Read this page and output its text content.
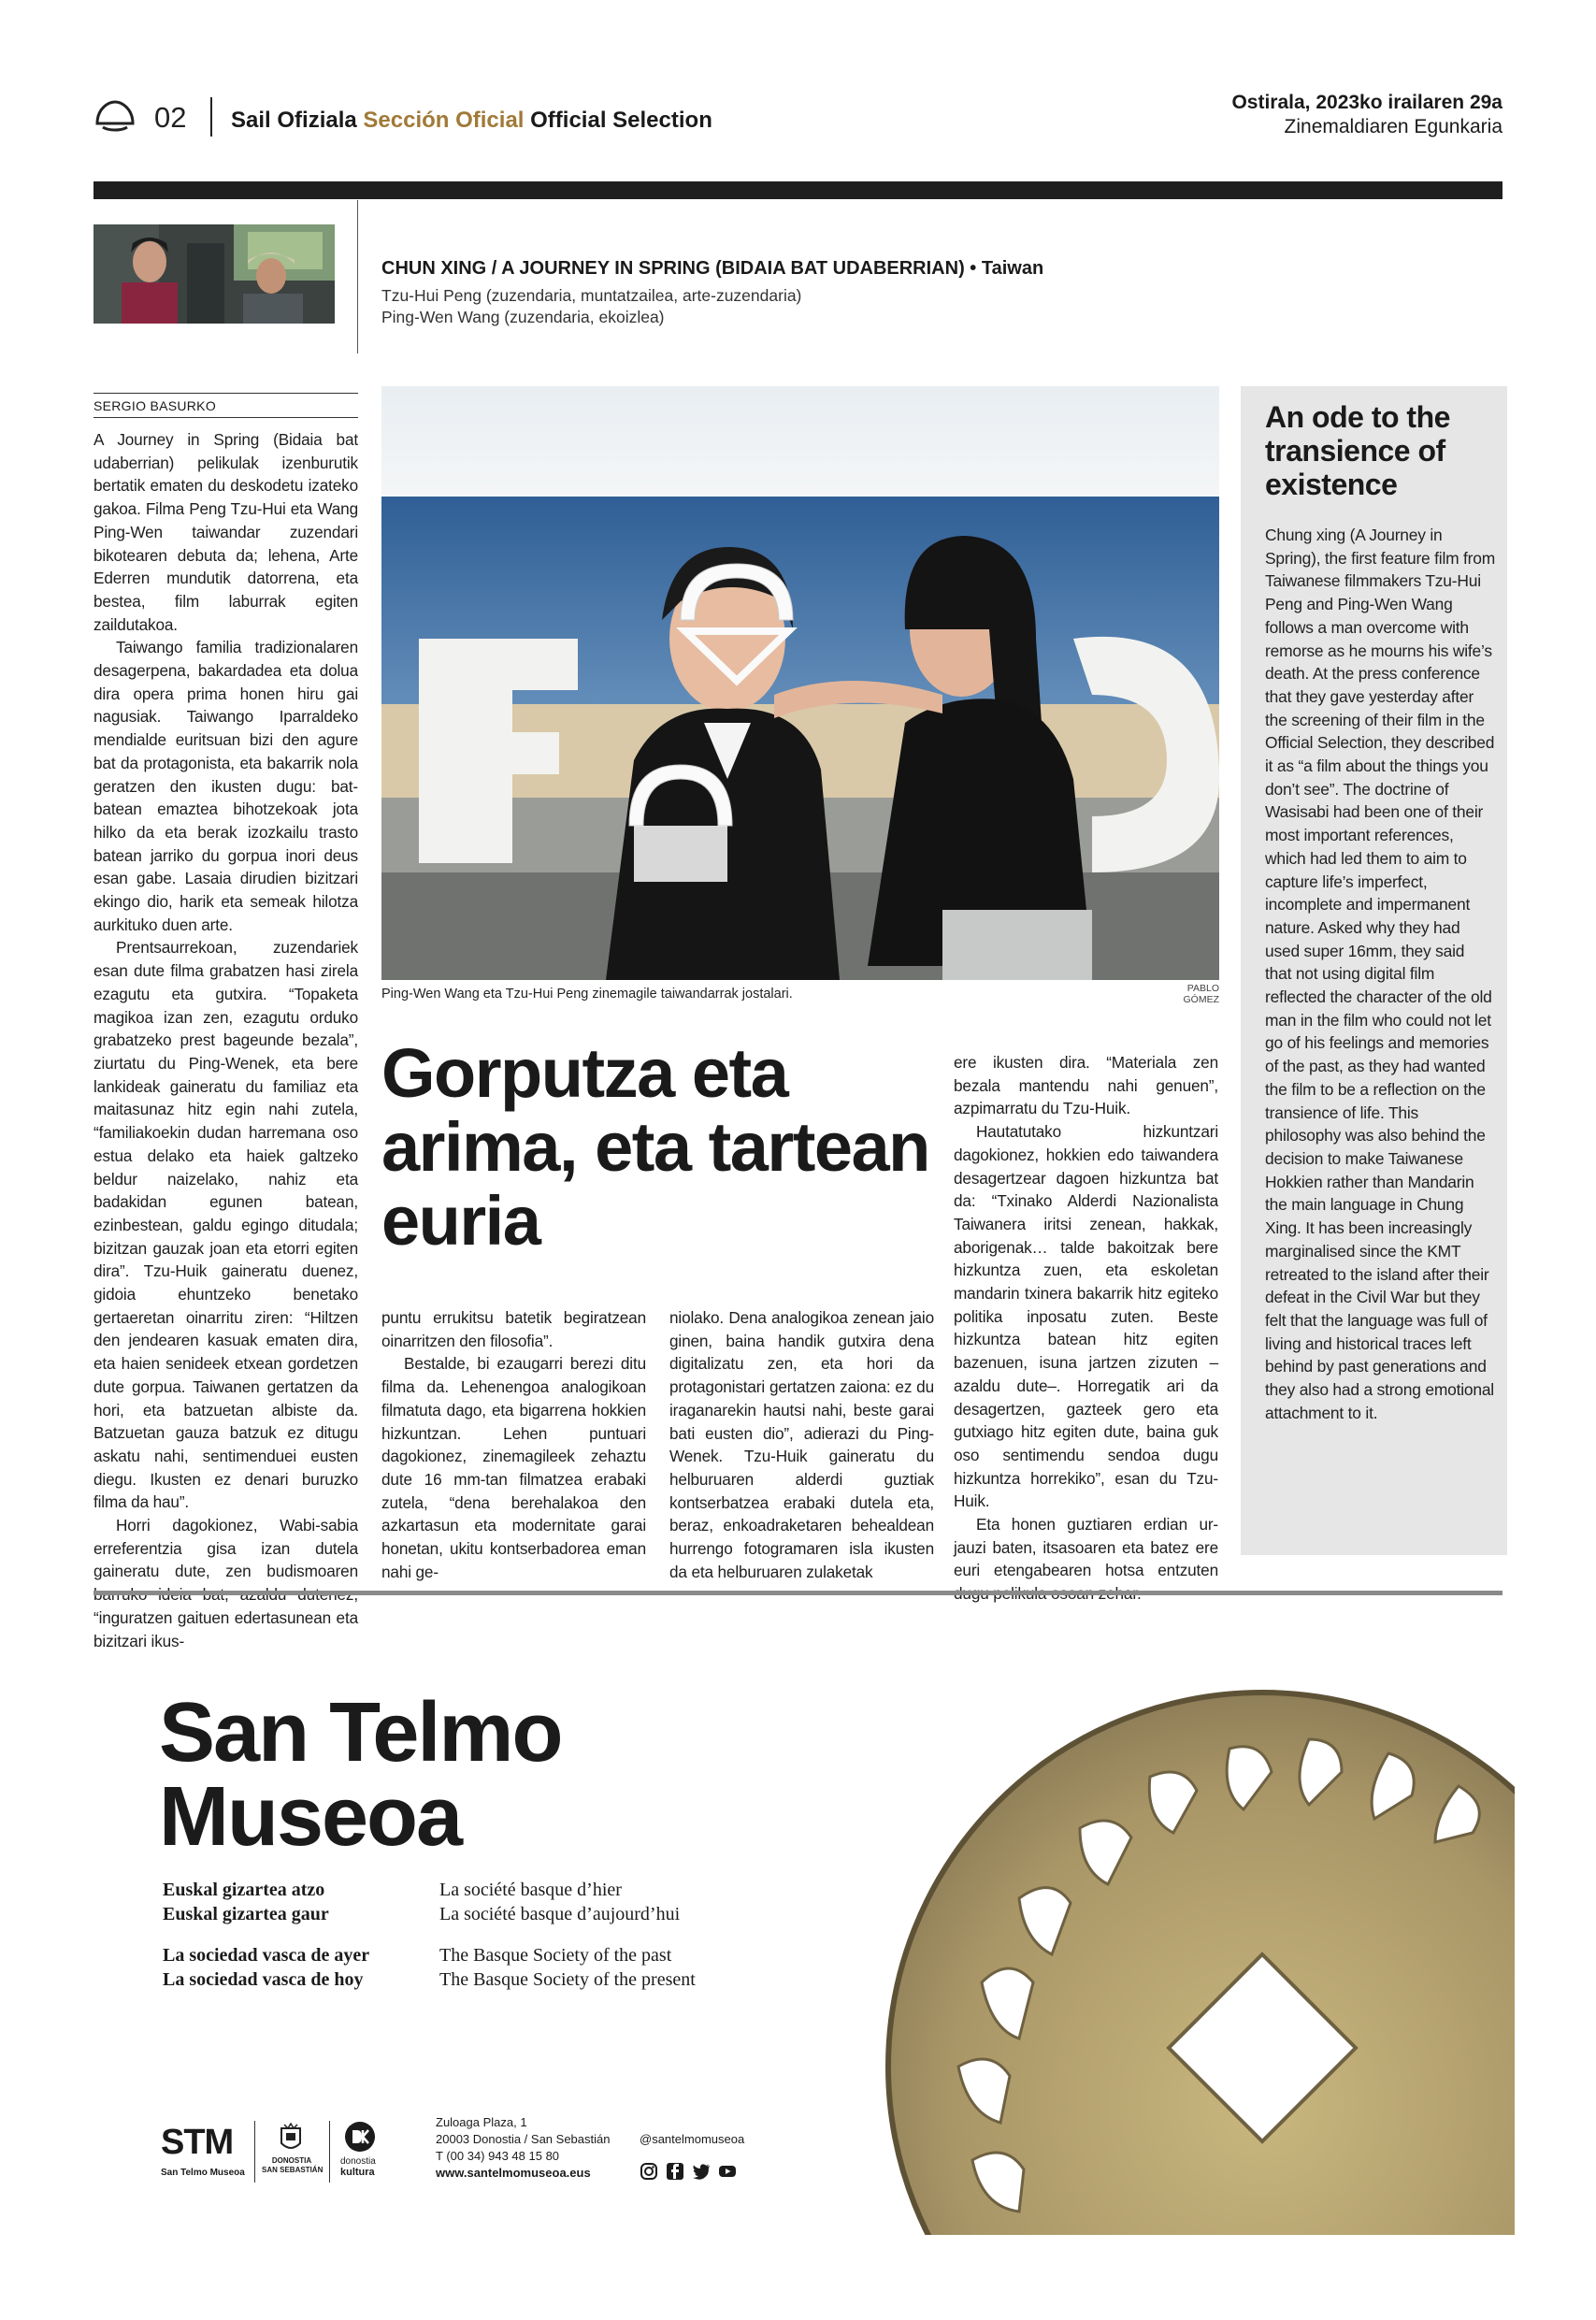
02 Sail Ofiziala Sección Oficial Official Selection
Ostirala, 2023ko irailaren 29a
Zinemaldiaren Egunkaria
CHUN XING / A JOURNEY IN SPRING (BIDAIA BAT UDABERRIAN) • Taiwan
Tzu-Hui Peng (zuzendaria, muntatzailea, arte-zuzendaria)
Ping-Wen Wang (zuzendaria, ekoizlea)
SERGIO BASURKO

A Journey in Spring (Bidaia bat udaberrian) pelikulak izenburutik bertatik ematen du deskodetu izateko gakoa. Filma Peng Tzu-Hui eta Wang Ping-Wen taiwandar zuzendari bikotearen debuta da; lehena, Arte Ederren mundutik datorrena, eta bestea, film laburrak egiten zaildutakoa.

Taiwango familia tradizionalaren desagerpena, bakardadea eta dolua dira opera prima honen hiru gai nagusiak. Taiwango Iparraldeko mendialde euritsuan bizi den agure bat da protagonista, eta bakarrik nola geratzen den ikusten dugu: bat-batean emaztea bihotzekoak jota hilko da eta berak izozkailu trasto batean jarriko du gorpua inori deus esan gabe. Lasaia dirudien bizitzari ekingo dio, harik eta semeak hilotza aurkituko duen arte.

Prentsaurrekoan, zuzendariek esan dute filma grabatzen hasi zirela ezagutu eta gutxira. “Topaketa magikoa izan zen, ezagutu orduko grabatzeko prest bageunde bezala”, ziurtatu du Ping-Wenek, eta bere lankideak gaineratu du familiaz eta maitasunaz hitz egin nahi zutela, “familiakoekin dudan harremana oso estua delako eta haiek galtzeko beldur naizelako, nahiz eta badakidan egunen batean, ezinbestean, galdu egingo ditudala; bizitzan gauzak joan eta etorri egiten dira”. Tzu-Huik gaineratu duenez, gidoia ehuntzeko benetako gertaeretan oinarritu ziren: “Hiltzen den jendearen kasuak ematen dira, eta haien senideek etxean gordetzen dute gorpua. Taiwanen gertatzen da hori, eta batzuetan albiste da. Batzuetan gauza batzuk ez ditugu askatu nahi, sentimenduei eusten diegu. Ikusten ez denari buruzko filma da hau”.

Horri dagokionez, Wabi-sabia erreferentzia gisa izan dutela gaineratu dute, zen budismoaren “inguratzen gaituen edertasunean eta bizitzari ikus-

Ping-Wen Wang eta Tzu-Hui Peng zinemagile taiwandarrak jostalari.	PABLO GÓMEZ
Gorputza eta arima, eta tartean euria

puntu errukitsu batetik begiratzean oinarritzen den filosofia”.

Bestalde, bi ezaugarri berezi ditu filma da. Lehenengoa analogikoan filmatuta dago, eta bigarrena hokkien hizkuntzan. Lehen puntuari dagokionez, zinemagileek zehaztu dute 16 mm-tan filmatzea erabaki zutela, “dena berehalakoa den azkartasun eta modernitate garai honetan, ukitu kontserbadorea eman nahi ge-

niolako. Dena analogikoa zenean jaio ginen, baina handik gutxira dena digitalizatu zen, eta hori da protagonistari gertatzen zaiona: ez du iraganarekin hautsi nahi, beste garai bati eusten dio”, adierazi du Ping-Wenek. Tzu-Huik gaineratu du helburuaren alderdi guztiak kontserbatzea erabaki dutela eta, beraz, enkoadraketaren behealdean hurrengo fotogramaren isla ikusten da eta helburuaren zulaketak

ere ikusten dira. “Materiala zen bezala mantendu nahi genuen”, azpimarratu du Tzu-Huik.

Hautatutako hizkuntzari dagokionez, hokkien edo taiwandera desagertzear dagoen hizkuntza bat da: “Txinako Alderdi Nazionalista Taiwanera iritsi zenean, hakkak, aborigenak… talde bakoitzak bere hizkuntza zuen, eta eskoletan mandarin txinera bakarrik hitz egiteko politika inposatu zuten. Beste hizkuntza batean hitz egiten bazenuen, isuna jartzen zizuten –azaldu dute–. Horregatik ari da desagertzen, gazteek gero eta gutxiago hitz egiten dute, baina guk oso sentimendu sendoa dugu hizkuntza horrekiko”, esan du Tzu-Huik.

Eta honen guztiaren erdian ur-jauzi baten, itsasoaren eta batez ere euri etengabearen hotsa entzuten

An ode to the transience of existence

Chung xing (A Journey in Spring), the first feature film from Taiwanese filmmakers Tzu-Hui Peng and Ping-Wen Wang follows a man overcome with remorse as he mourns his wife’s death. At the press conference that they gave yesterday after the screening of their film in the Official Selection, they described it as “a film about the things you don’t see”. The doctrine of Wasisabi had been one of their most important references, which had led them to aim to capture life’s imperfect, incomplete and impermanent nature. Asked why they had used super 16mm, they said that not using digital film reflected the character of the old man in the film who could not let go of his feelings and memories of the past, as they had wanted the film to be a reflection on the transience of life. This philosophy was also behind the decision to make Taiwanese Hokkien rather than Mandarin the main language in Chung Xing. It has been increasingly marginalised since the KMT retreated to the island after their defeat in the Civil War but they felt that the language was full of living and historical traces left behind by past generations and they also had a strong emotional attachment to it.

San Telmo
Museoa
Euskal gizartea atzo
Euskal gizartea gaur
La société basque d’hier
La société basque d’aujourd’hui
La sociedad vasca de ayer
La sociedad vasca de hoy
The Basque Society of the past
The Basque Society of the present
STM
San Telmo Museoa
DONOSTIA
SAN SEBASTIÁN
donostia
kultura
Zuloaga Plaza, 1
20003 Donostia / San Sebastián
T (00 34) 943 48 15 80
www.santelmomuseoa.eus
@santelmomuseoa
